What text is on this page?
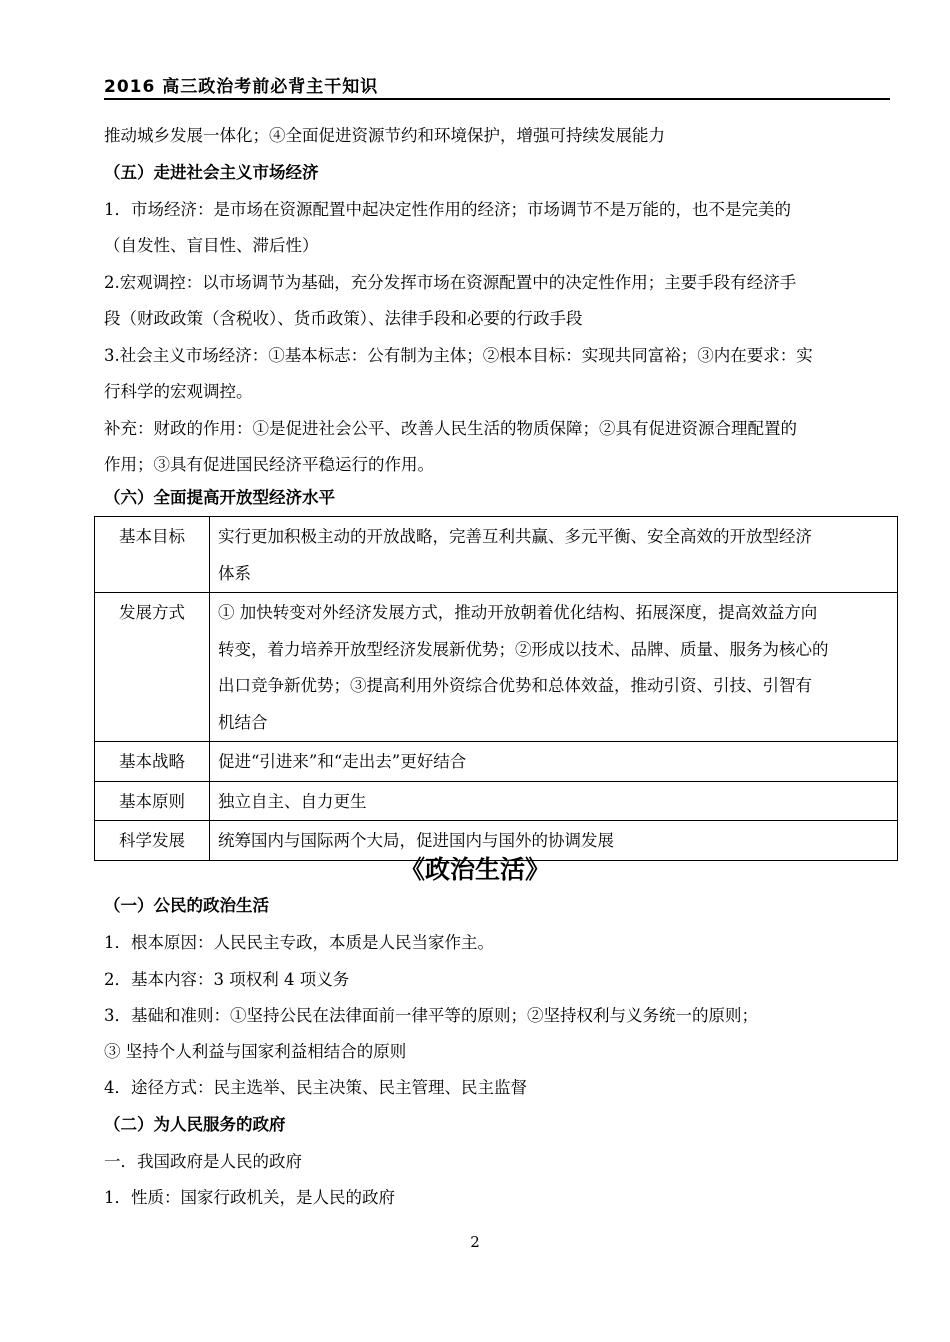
2016 高三政治考前必背主干知识
推动城乡发展一体化；④全面促进资源节约和环境保护，增强可持续发展能力
（五）走进社会主义市场经济
1．市场经济：是市场在资源配置中起决定性作用的经济；市场调节不是万能的，也不是完美的
（自发性、盲目性、滞后性）
2.宏观调控：以市场调节为基础，充分发挥市场在资源配置中的决定性作用；主要手段有经济手
段（财政政策（含税收）、货币政策）、法律手段和必要的行政手段
3.社会主义市场经济：①基本标志：公有制为主体；②根本目标：实现共同富裕；③内在要求：实
行科学的宏观调控。
补充：财政的作用：①是促进社会公平、改善人民生活的物质保障；②具有促进资源合理配置的
作用；③具有促进国民经济平稳运行的作用。
（六）全面提高开放型经济水平
基本目标	实行更加积极主动的开放战略，完善互利共赢、多元平衡、安全高效的开放型经济
体系

发展方式	① 加快转变对外经济发展方式，推动开放朝着优化结构、拓展深度，提高效益方向
转变，着力培养开放型经济发展新优势；②形成以技术、品牌、质量、服务为核心的
出口竞争新优势；③提高利用外资综合优势和总体效益，推动引资、引技、引智有
机结合

基本战略	促进“引进来”和“走出去”更好结合

基本原则	独立自主、自力更生

科学发展	统筹国内与国际两个大局，促进国内与国外的协调发展
《政治生活》
（一）公民的政治生活
1．根本原因：人民民主专政，本质是人民当家作主。
2．基本内容：3 项权利 4 项义务
3．基础和准则：①坚持公民在法律面前一律平等的原则；②坚持权利与义务统一的原则；
③ 坚持个人利益与国家利益相结合的原则
4．途径方式：民主选举、民主决策、民主管理、民主监督
（二）为人民服务的政府
一．我国政府是人民的政府
1．性质：国家行政机关，是人民的政府
2
